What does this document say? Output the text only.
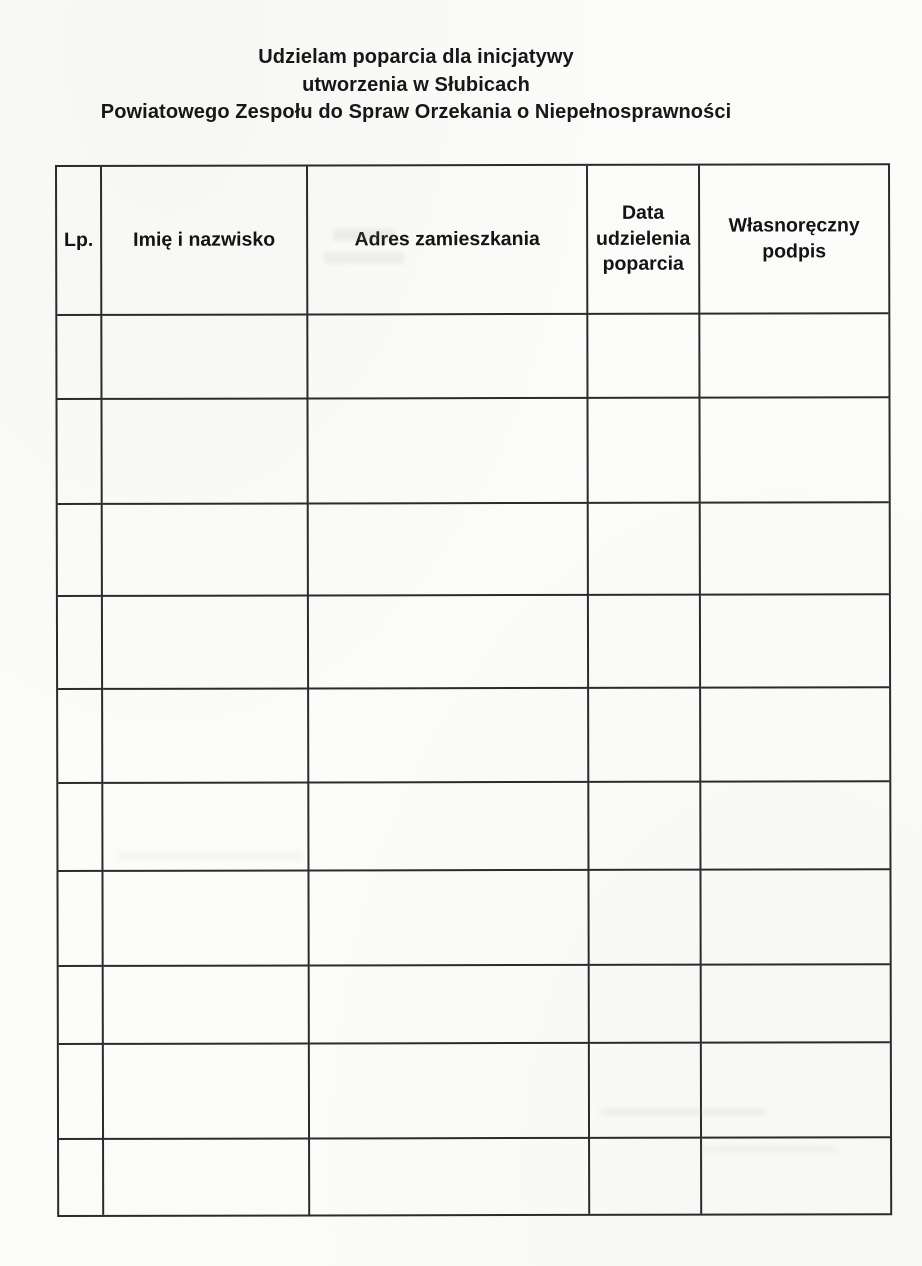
Udzielam poparcia dla inicjatywy
utworzenia w Słubicach
Powiatowego Zespołu do Spraw Orzekania o Niepełnosprawności
Lp.	Imię i nazwisko	Adres zamieszkania
Data udzielenia poparcia
Własnoręczny podpis
